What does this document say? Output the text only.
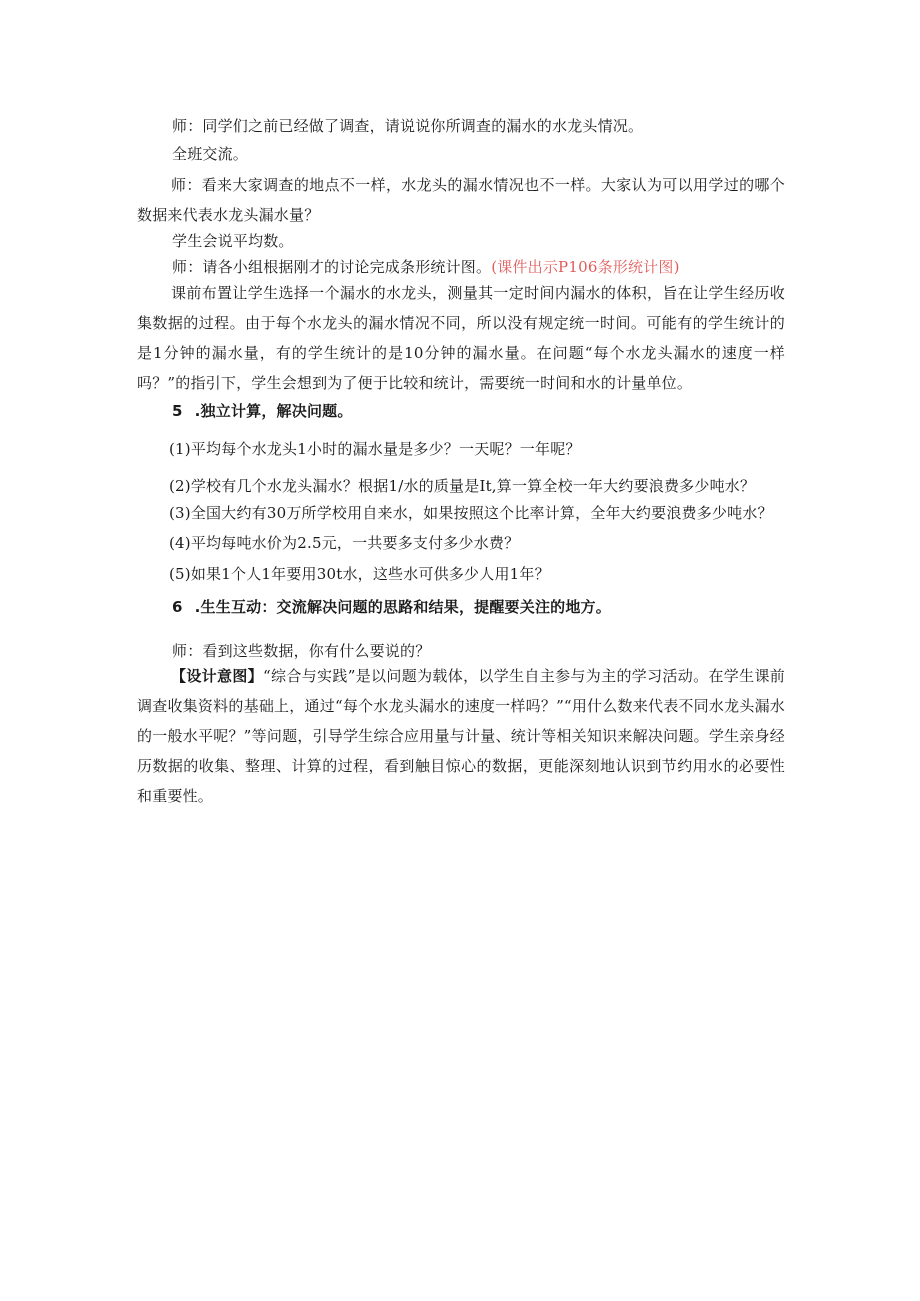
师：同学们之前已经做了调查，请说说你所调查的漏水的水龙头情况。
全班交流。
师：看来大家调查的地点不一样，水龙头的漏水情况也不一样。大家认为可以用学过的哪个数据来代表水龙头漏水量？
学生会说平均数。
师：请各小组根据刚才的讨论完成条形统计图。(课件出示P106条形统计图)
课前布置让学生选择一个漏水的水龙头，测量其一定时间内漏水的体积，旨在让学生经历收集数据的过程。由于每个水龙头的漏水情况不同，所以没有规定统一时间。可能有的学生统计的是1分钟的漏水量，有的学生统计的是10分钟的漏水量。在问题“每个水龙头漏水的速度一样吗？”的指引下，学生会想到为了便于比较和统计，需要统一时间和水的计量单位。
5 .独立计算，解决问题。
(1)平均每个水龙头1小时的漏水量是多少？一天呢？一年呢？
(2)学校有几个水龙头漏水？根据1/水的质量是It,算一算全校一年大约要浪费多少吨水？
(3)全国大约有30万所学校用自来水，如果按照这个比率计算，全年大约要浪费多少吨水？
(4)平均每吨水价为2.5元，一共要多支付多少水费？
(5)如果1个人1年要用30t水，这些水可供多少人用1年？
6 .生生互动：交流解决问题的思路和结果，提醒要关注的地方。
师：看到这些数据，你有什么要说的？
【设计意图】“综合与实践”是以问题为载体，以学生自主参与为主的学习活动。在学生课前调查收集资料的基础上，通过“每个水龙头漏水的速度一样吗？”“用什么数来代表不同水龙头漏水的一般水平呢？”等问题，引导学生综合应用量与计量、统计等相关知识来解决问题。学生亲身经历数据的收集、整理、计算的过程，看到触目惊心的数据，更能深刻地认识到节约用水的必要性和重要性。
